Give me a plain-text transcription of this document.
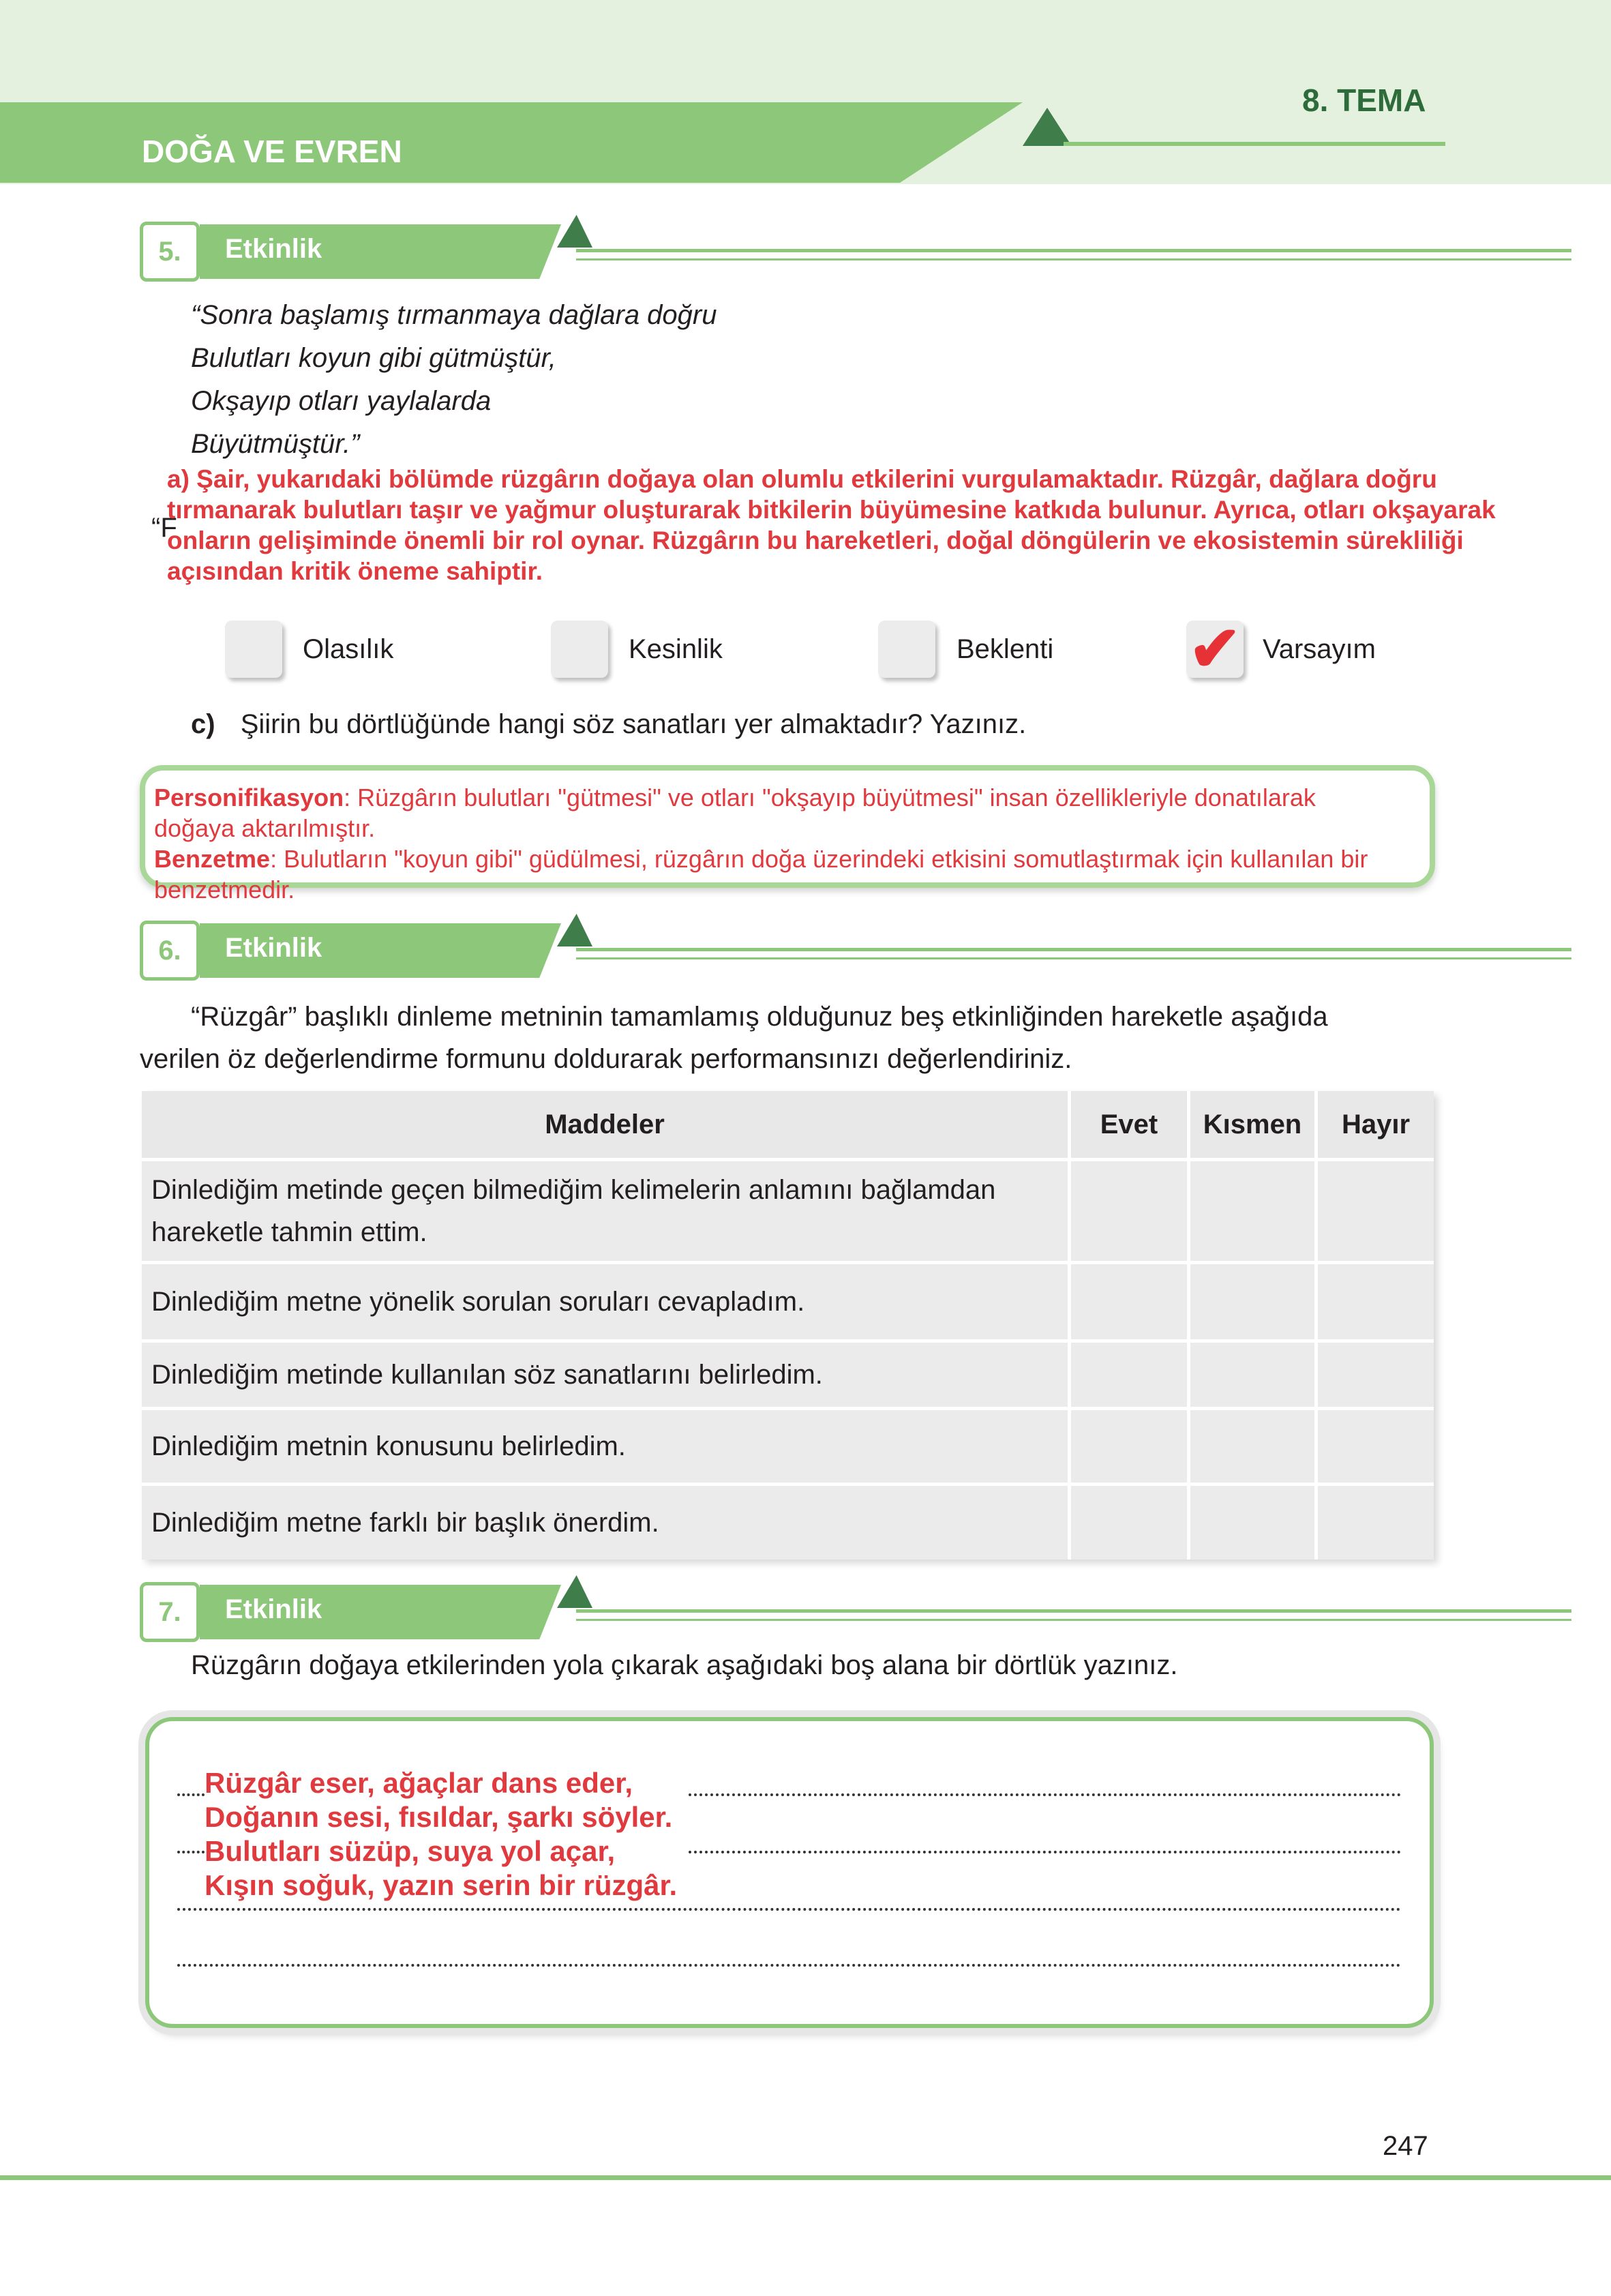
8. TEMA
DOĞA VE EVREN
5.	Etkinlik
“Sonra başlamış tırmanmaya dağlara doğru
Bulutları koyun gibi gütmüştür,
Okşayıp otları yaylalarda
Büyütmüştür.”
“F
a) Şair, yukarıdaki bölümde rüzgârın doğaya olan olumlu etkilerini vurgulamaktadır. Rüzgâr, dağlara doğru
tırmanarak bulutları taşır ve yağmur oluşturarak bitkilerin büyümesine katkıda bulunur. Ayrıca, otları okşayarak
onların gelişiminde önemli bir rol oynar. Rüzgârın bu hareketleri, doğal döngülerin ve ekosistemin sürekliliği
açısından kritik öneme sahiptir.
Olasılık	Kesinlik	Beklenti ✔ Varsayım
c) Şiirin bu dörtlüğünde hangi söz sanatları yer almaktadır? Yazınız.
Personifikasyon: Rüzgârın bulutları "gütmesi" ve otları "okşayıp büyütmesi" insan özellikleriyle donatılarak
doğaya aktarılmıştır.
Benzetme: Bulutların "koyun gibi" güdülmesi, rüzgârın doğa üzerindeki etkisini somutlaştırmak için kullanılan bir
benzetmedir.
6.	Etkinlik
“Rüzgâr” başlıklı dinleme metninin tamamlamış olduğunuz beş etkinliğinden hareketle aşağıda
verilen öz değerlendirme formunu doldurarak performansınızı değerlendiriniz.
Maddeler	Evet	Kısmen	Hayır

Dinlediğim metinde geçen bilmediğim kelimelerin anlamını bağlamdan
hareketle tahmin ettim.			

Dinlediğim metne yönelik sorulan soruları cevapladım.			
Dinlediğim metinde kullanılan söz sanatlarını belirledim.			
Dinlediğim metnin konusunu belirledim.			
Dinlediğim metne farklı bir başlık önerdim.			
7.	Etkinlik
Rüzgârın doğaya etkilerinden yola çıkarak aşağıdaki boş alana bir dörtlük yazınız.
Rüzgâr eser, ağaçlar dans eder,
Doğanın sesi, fısıldar, şarkı söyler.
Bulutları süzüp, suya yol açar,
Kışın soğuk, yazın serin bir rüzgâr.
247
